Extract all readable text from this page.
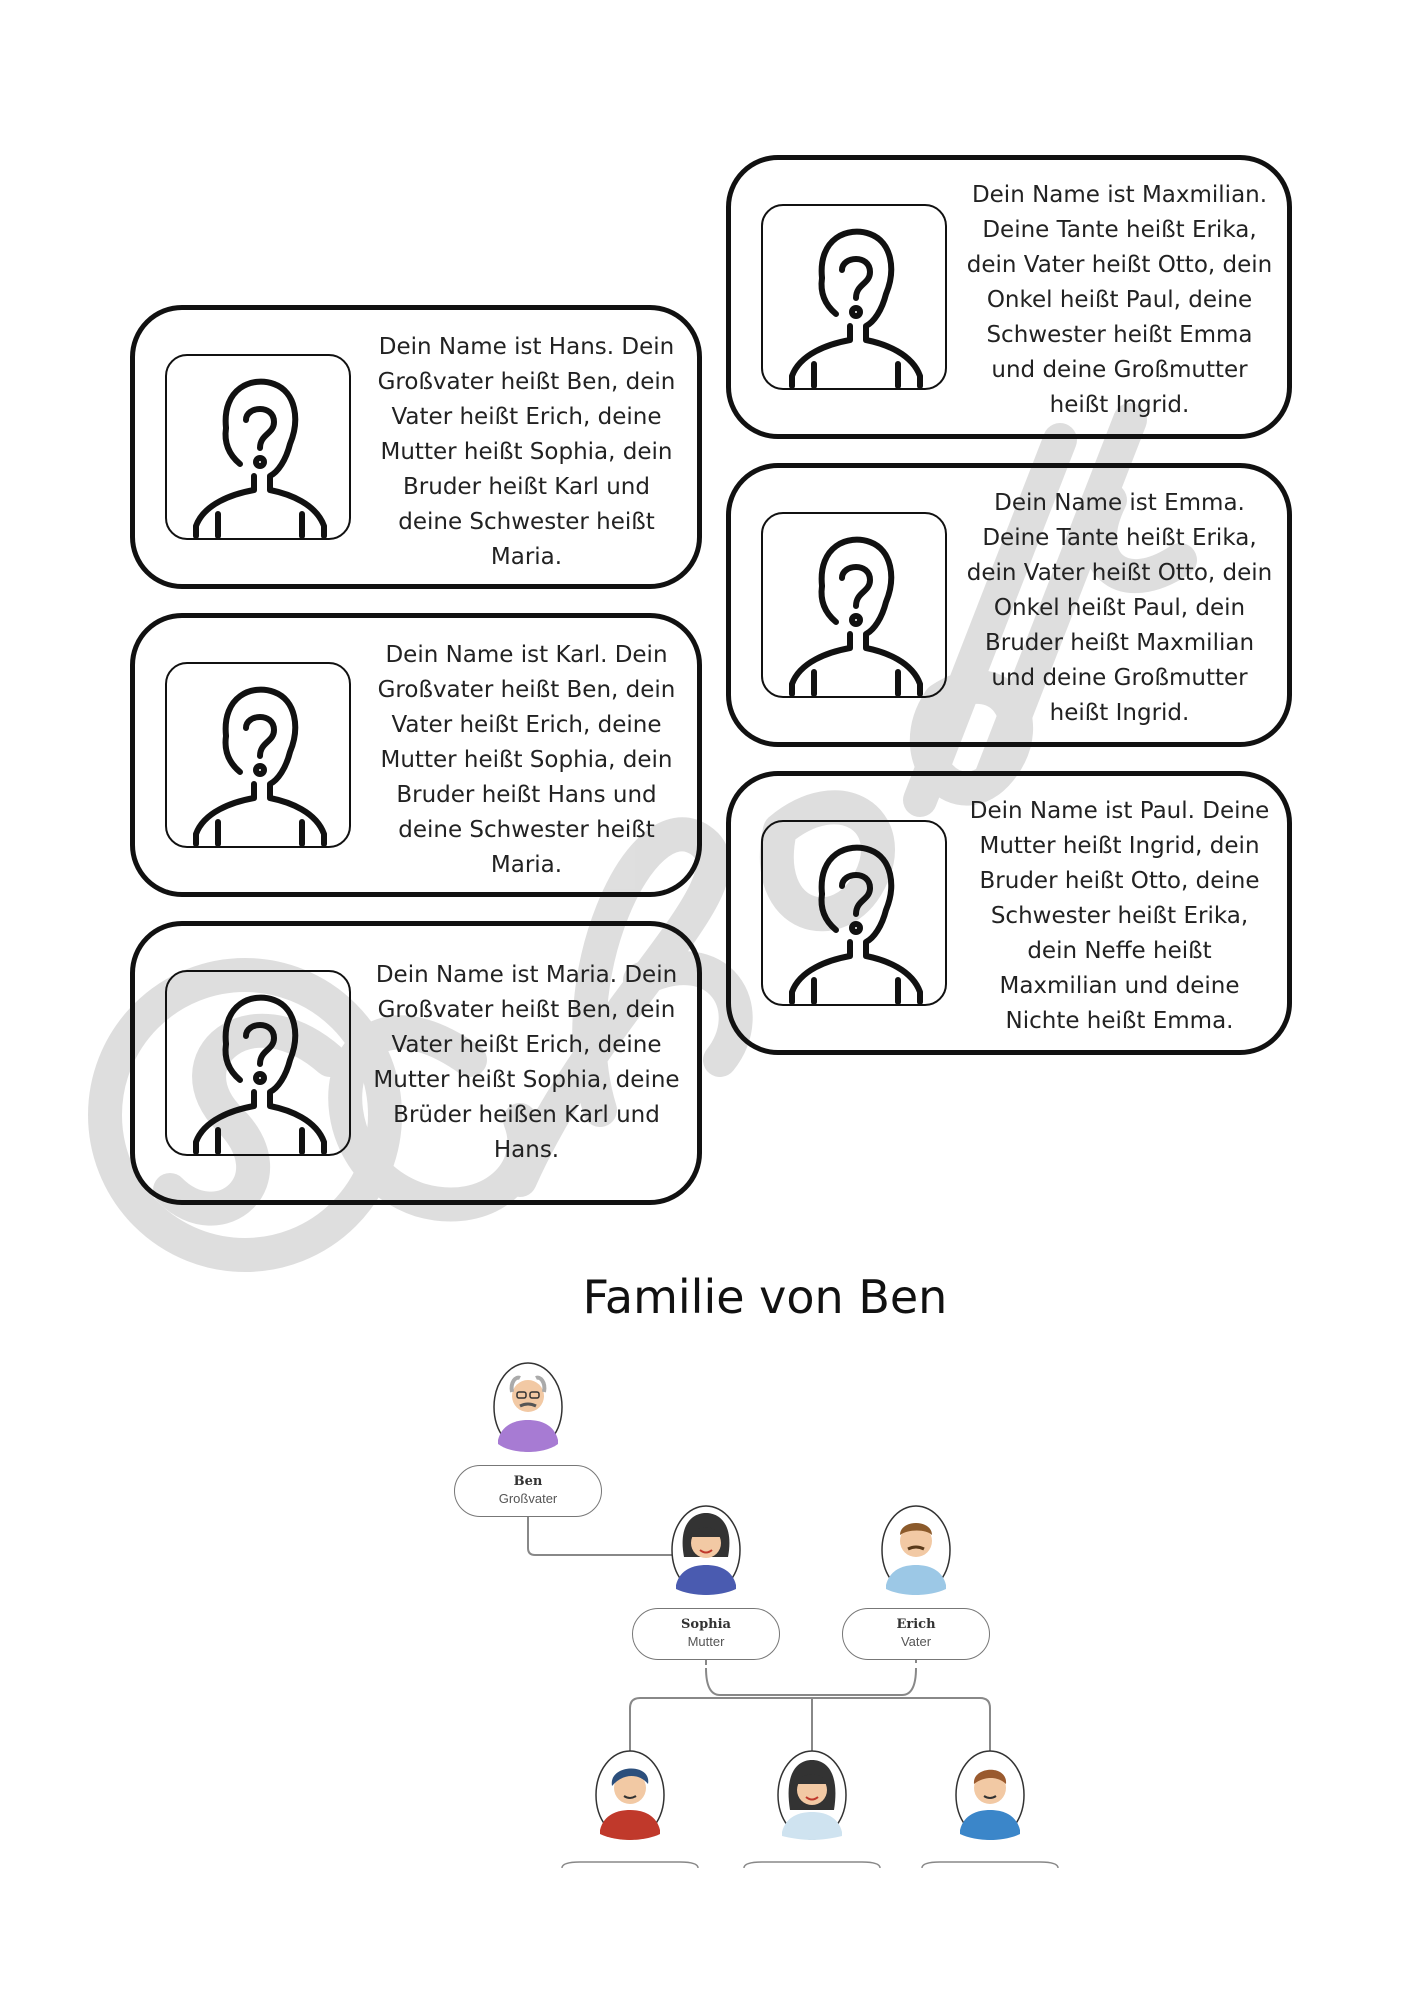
Dein Name ist Hans. Dein Großvater heißt Ben, dein Vater heißt Erich, deine Mutter heißt Sophia, dein Bruder heißt Karl und deine Schwester heißt Maria.
Dein Name ist Karl. Dein Großvater heißt Ben, dein Vater heißt Erich, deine Mutter heißt Sophia, dein Bruder heißt Hans und deine Schwester heißt Maria.
Dein Name ist Maria. Dein Großvater heißt Ben, dein Vater heißt Erich, deine Mutter heißt Sophia, deine Brüder heißen Karl und Hans.
Dein Name ist Maxmilian. Deine Tante heißt Erika, dein Vater heißt Otto, dein Onkel heißt Paul, deine Schwester heißt Emma und deine Großmutter heißt Ingrid.
Dein Name ist Emma. Deine Tante heißt Erika, dein Vater heißt Otto, dein Onkel heißt Paul, dein Bruder heißt Maxmilian und deine Großmutter heißt Ingrid.
Dein Name ist Paul. Deine Mutter heißt Ingrid, dein Bruder heißt Otto, deine Schwester heißt Erika, dein Neffe heißt Maxmilian und deine Nichte heißt Emma.
Familie von Ben
Ben
Großvater
Sophia
Mutter
Erich
Vater
